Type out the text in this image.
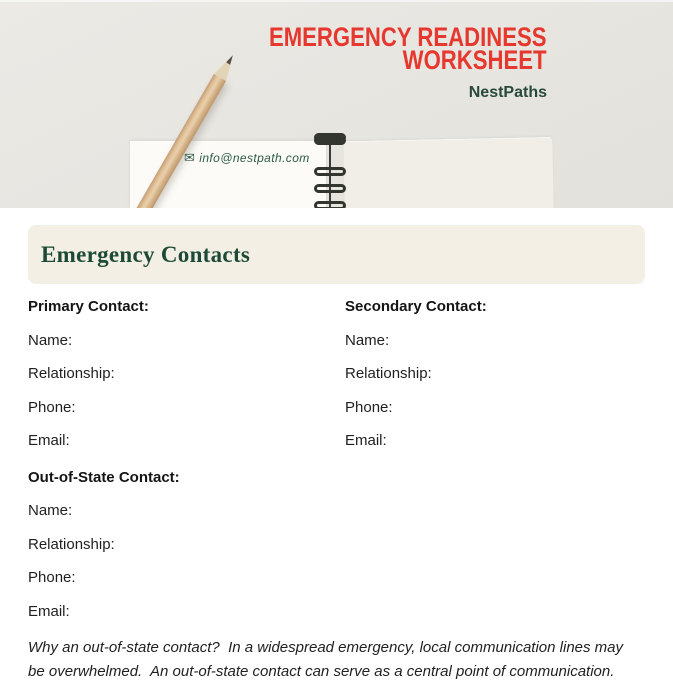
✉ info@nestpath.com
EMERGENCY READINESS
WORKSHEET
NestPaths
Emergency Contacts
Primary Contact:
Name:
Relationship:
Phone:
Email:
Secondary Contact:
Name:
Relationship:
Phone:
Email:
Out-of-State Contact:
Name:
Relationship:
Phone:
Email:
Why an out-of-state contact?  In a widespread emergency, local communication lines may be overwhelmed.  An out-of-state contact can serve as a central point of communication.
